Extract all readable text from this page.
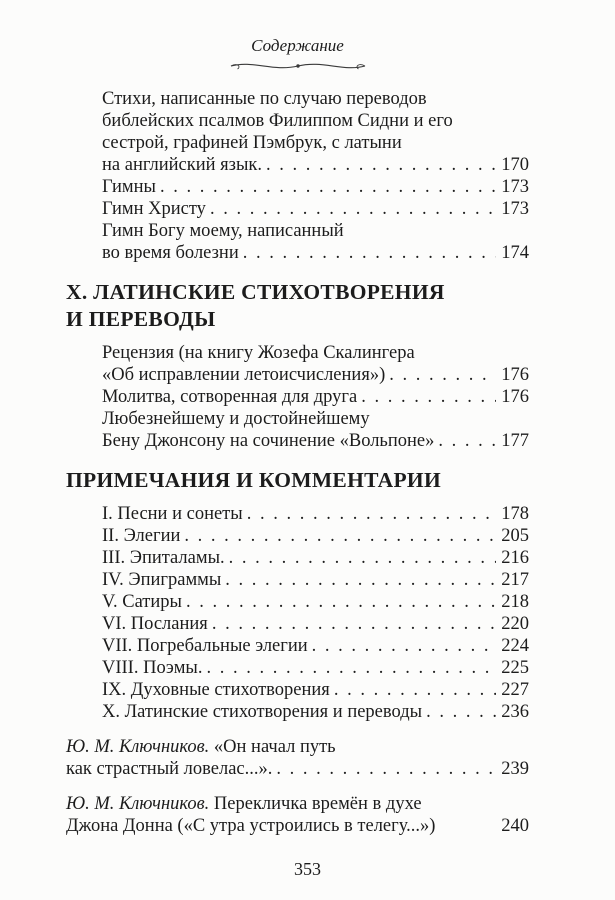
Содержание
Стихи, написанные по случаю переводов
библейских псалмов Филиппом Сидни и его
сестрой, графиней Пэмбрук, с латыни
на английский язык. . . .	170
Гимны . . .	173
Гимн Христу . . .	173
Гимн Богу моему, написанный
во время болезни . . .	174
X. ЛАТИНСКИЕ СТИХОТВОРЕНИЯ
И ПЕРЕВОДЫ
Рецензия (на книгу Жозефа Скалингера
«Об исправлении летоисчисления») . . .	176
Молитва, сотворенная для друга . . .	176
Любезнейшему и достойнейшему
Бену Джонсону на сочинение «Вольпоне» . . .	177
ПРИМЕЧАНИЯ И КОММЕНТАРИИ
I. Песни и сонеты . . .	178
II. Элегии . . .	205
III. Эпиталамы. . . .	216
IV. Эпиграммы . . .	217
V. Сатиры . . .	218
VI. Послания . . .	220
VII. Погребальные элегии . . .	224
VIII. Поэмы. . . .	225
IX. Духовные стихотворения . . .	227
X. Латинские стихотворения и переводы . . .	236
Ю. М. Ключников. «Он начал путь
как страстный ловелас...». . . .	239
Ю. М. Ключников. Перекличка времён в духе
Джона Донна («С утра устроились в телегу...»)	240
353
